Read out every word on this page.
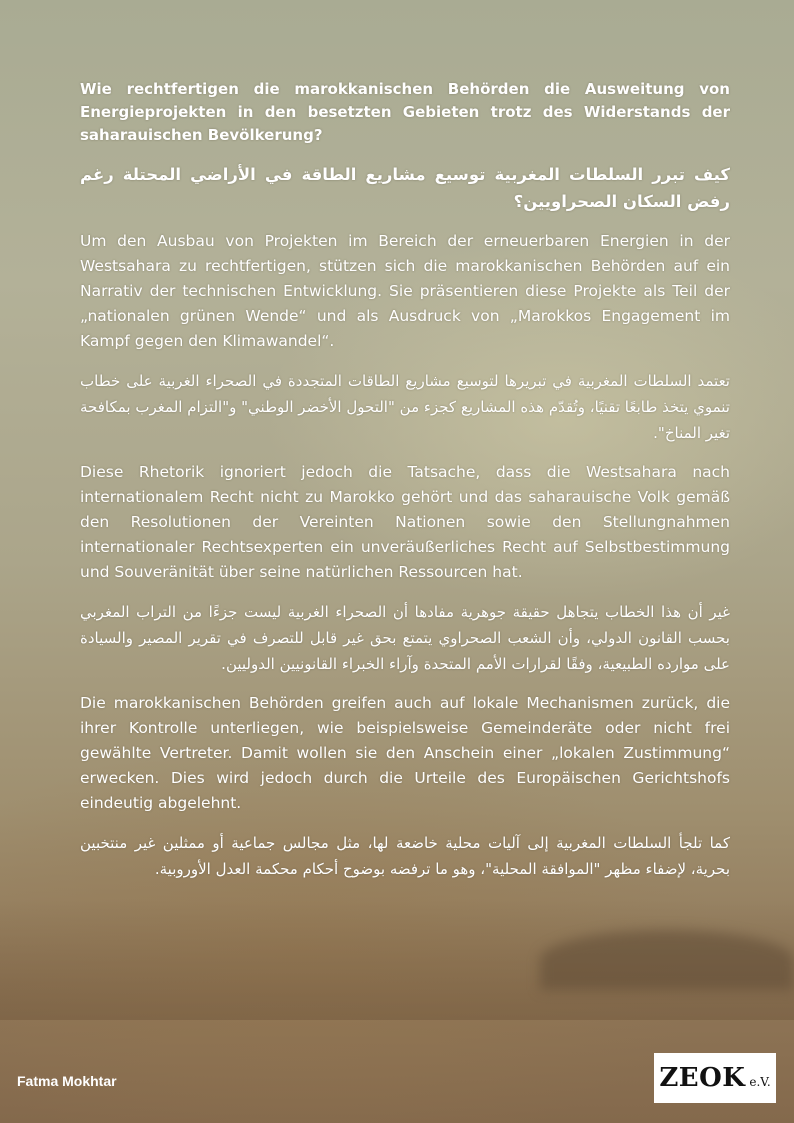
Wie rechtfertigen die marokkanischen Behörden die Ausweitung von Energieprojekten in den besetzten Gebieten trotz des Widerstands der saharauischen Bevölkerung?

كيف تبرر السلطات المغربية توسيع مشاريع الطاقة في الأراضي المحتلة رغم رفض السكان الصحراويين؟

Um den Ausbau von Projekten im Bereich der erneuerbaren Energien in der Westsahara zu rechtfertigen, stützen sich die marokkanischen Behörden auf ein Narrativ der technischen Entwicklung. Sie präsentieren diese Projekte als Teil der „nationalen grünen Wende“ und als Ausdruck von „Marokkos Engagement im Kampf gegen den Klimawandel“.

تعتمد السلطات المغربية في تبريرها لتوسيع مشاريع الطاقات المتجددة في الصحراء الغربية على خطاب تنموي يتخذ طابعًا تقنيًا، وتُقدّم هذه المشاريع كجزء من "التحول الأخضر الوطني" و"التزام المغرب بمكافحة تغير المناخ".

Diese Rhetorik ignoriert jedoch die Tatsache, dass die Westsahara nach internationalem Recht nicht zu Marokko gehört und das saharauische Volk gemäß den Resolutionen der Vereinten Nationen sowie den Stellungnahmen internationaler Rechtsexperten ein unveräußerliches Recht auf Selbstbestimmung und Souveränität über seine natürlichen Ressourcen hat.

غير أن هذا الخطاب يتجاهل حقيقة جوهرية مفادها أن الصحراء الغربية ليست جزءًا من التراب المغربي بحسب القانون الدولي، وأن الشعب الصحراوي يتمتع بحق غير قابل للتصرف في تقرير المصير والسيادة على موارده الطبيعية، وفقًا لقرارات الأمم المتحدة وآراء الخبراء القانونيين الدوليين.

Die marokkanischen Behörden greifen auch auf lokale Mechanismen zurück, die ihrer Kontrolle unterliegen, wie beispielsweise Gemeinderäte oder nicht frei gewählte Vertreter. Damit wollen sie den Anschein einer „lokalen Zustimmung“ erwecken. Dies wird jedoch durch die Urteile des Europäischen Gerichtshofs eindeutig abgelehnt.

كما تلجأ السلطات المغربية إلى آليات محلية خاضعة لها، مثل مجالس جماعية أو ممثلين غير منتخبين بحرية، لإضفاء مظهر "الموافقة المحلية"، وهو ما ترفضه بوضوح أحكام محكمة العدل الأوروبية.

Fatma Mokhtar	ZEOK e.V.
